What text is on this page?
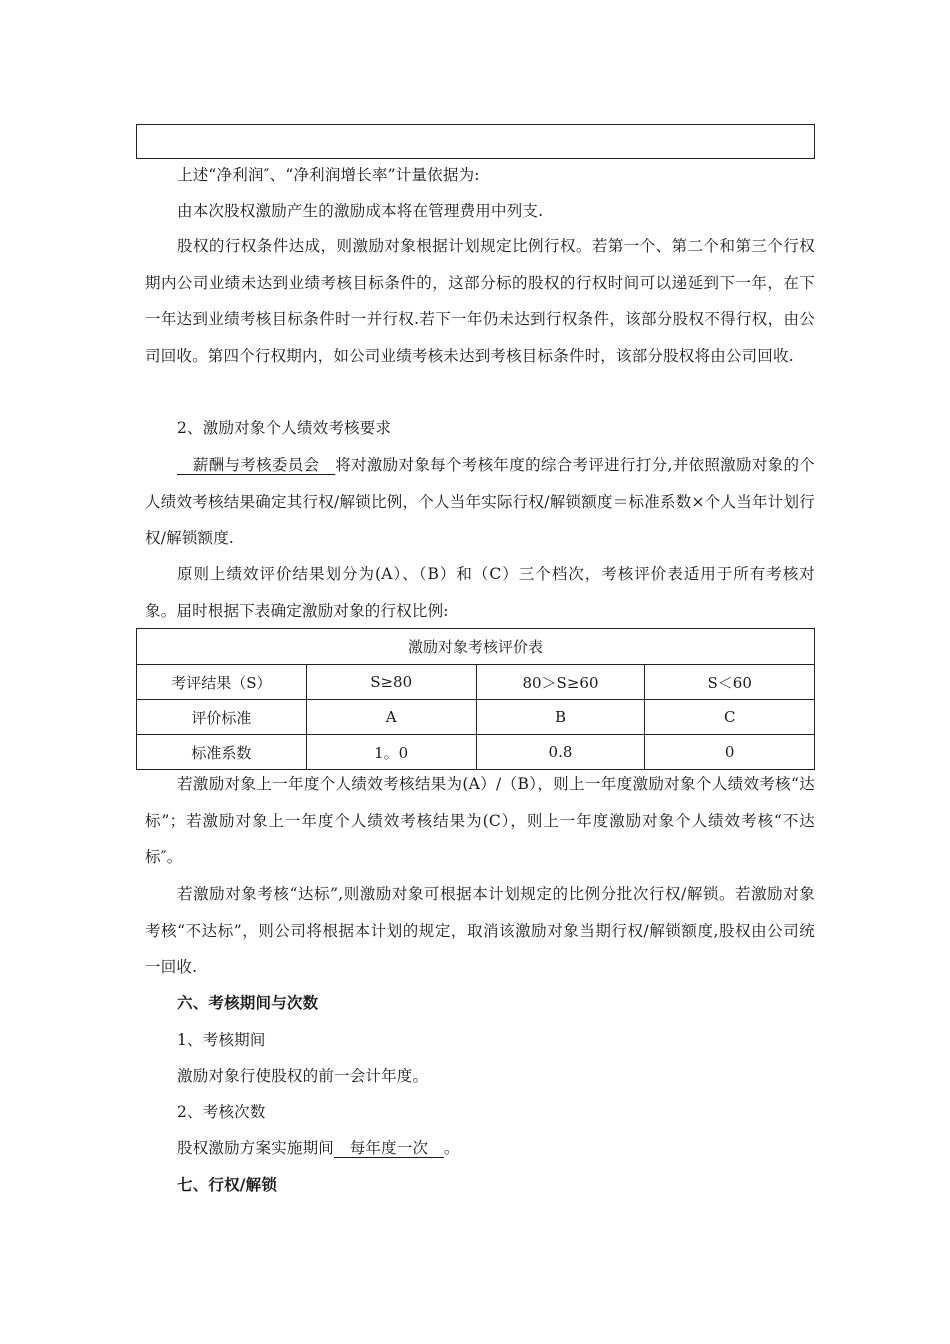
上述“净利润″、“净利润增长率”计量依据为:

由本次股权激励产生的激励成本将在管理费用中列支.

股权的行权条件达成，则激励对象根据计划规定比例行权。若第一个、第二个和第三个行权期内公司业绩未达到业绩考核目标条件的，这部分标的股权的行权时间可以递延到下一年，在下一年达到业绩考核目标条件时一并行权.若下一年仍未达到行权条件，该部分股权不得行权，由公司回收。第四个行权期内，如公司业绩考核未达到考核目标条件时，该部分股权将由公司回收.

2、激励对象个人绩效考核要求

　薪酬与考核委员会　将对激励对象每个考核年度的综合考评进行打分,并依照激励对象的个人绩效考核结果确定其行权/解锁比例，个人当年实际行权/解锁额度＝标准系数×个人当年计划行权/解锁额度.

原则上绩效评价结果划分为(A）、（B）和（C）三个档次，考核评价表适用于所有考核对象。届时根据下表确定激励对象的行权比例:

激励对象考核评价表			
考评结果（S）	S≥80	80＞S≥60	S＜60
评价标准	A	B	C
标准系数	1。0	0.8	0

若激励对象上一年度个人绩效考核结果为(A）/（B），则上一年度激励对象个人绩效考核“达标”；若激励对象上一年度个人绩效考核结果为(C），则上一年度激励对象个人绩效考核“不达标″。

若激励对象考核“达标”,则激励对象可根据本计划规定的比例分批次行权/解锁。若激励对象考核“不达标”，则公司将根据本计划的规定，取消该激励对象当期行权/解锁额度,股权由公司统一回收.

六、考核期间与次数

1、考核期间

激励对象行使股权的前一会计年度。

2、考核次数

股权激励方案实施期间　每年度一次　。

七、行权/解锁
